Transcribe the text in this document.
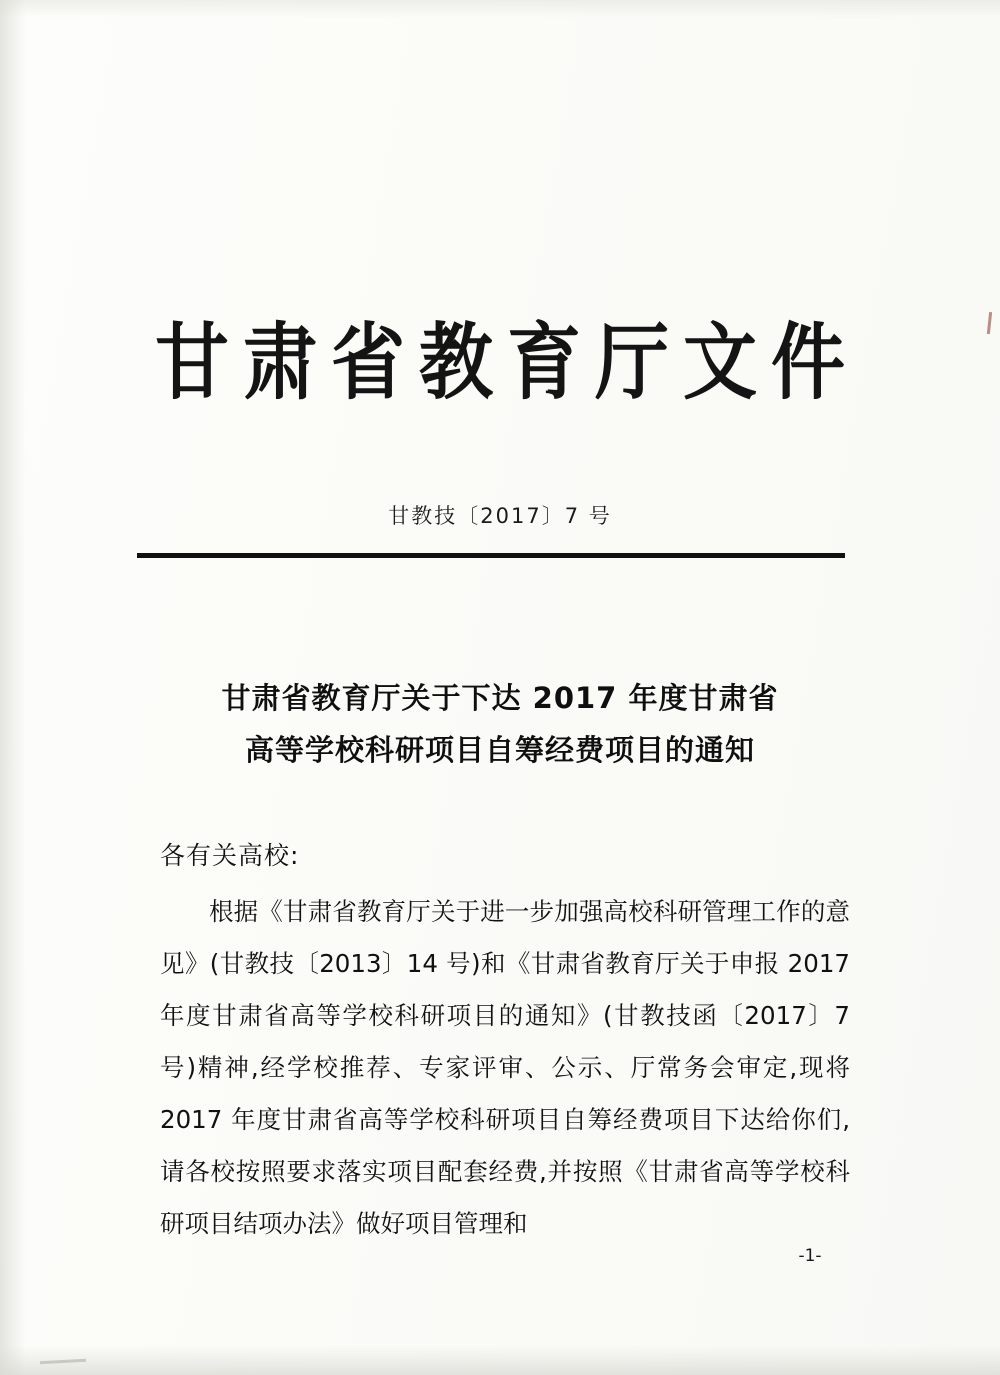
甘肃省教育厅文件
甘教技〔2017〕7 号
甘肃省教育厅关于下达 2017 年度甘肃省
高等学校科研项目自筹经费项目的通知
各有关高校:

根据《甘肃省教育厅关于进一步加强高校科研管理工作的意见》(甘教技〔2013〕14 号)和《甘肃省教育厅关于申报 2017 年度甘肃省高等学校科研项目的通知》(甘教技函〔2017〕7 号)精神,经学校推荐、专家评审、公示、厅常务会审定,现将 2017 年度甘肃省高等学校科研项目自筹经费项目下达给你们,请各校按照要求落实项目配套经费,并按照《甘肃省高等学校科研项目结项办法》做好项目管理和

-1-
